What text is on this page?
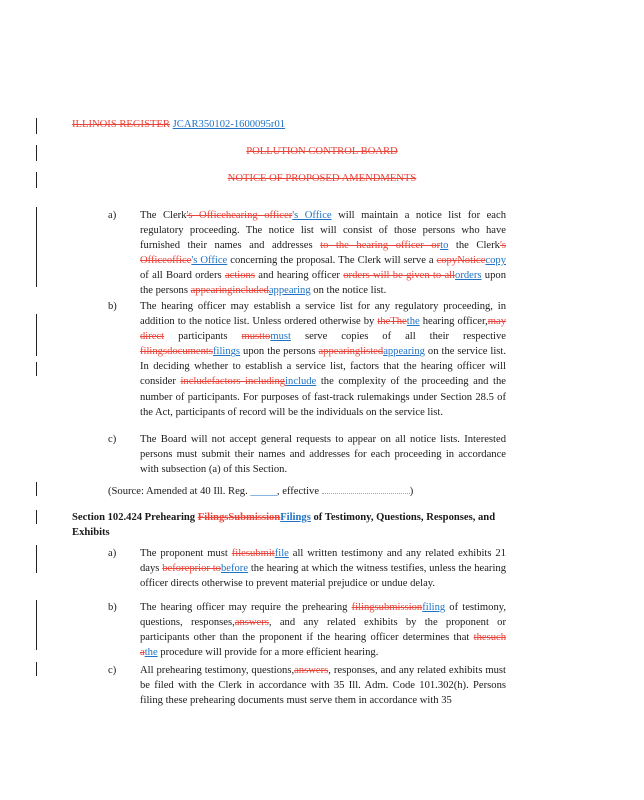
ILLINOIS REGISTER JCAR350102-1600095r01
POLLUTION CONTROL BOARD
NOTICE OF PROPOSED AMENDMENTS
a) The Clerk's Officehearing officer's Office will maintain a notice list for each regulatory proceeding. The notice list will consist of those persons who have furnished their names and addresses to the hearing officer orto the Clerk's Officeoffice's Office concerning the proposal. The Clerk will serve a copyNoticecopy of all Board orders actions and hearing officer orders will be given to allorders upon the persons appearingincludedappearing on the notice list.
b) The hearing officer may establish a service list for any regulatory proceeding, in addition to the notice list. Unless ordered otherwise by theThethe hearing officer,may direct participants musttomust serve copies of all their respective filingsdocumentsfilings upon the persons appearinglistedappearing on the service list. In deciding whether to establish a service list, factors that the hearing officer will consider includefactors includinginclude the complexity of the proceeding and the number of participants. For purposes of fast-track rulemakings under Section 28.5 of the Act, participants of record will be the individuals on the service list.
c) The Board will not accept general requests to appear on all notice lists. Interested persons must submit their names and addresses for each proceeding in accordance with subsection (a) of this Section.
(Source: Amended at 40 Ill. Reg. _____, effective	)
Section 102.424 Prehearing FilingsSubmissionFilings of Testimony, Questions, Responses, and Exhibits
a) The proponent must filesubmitfile all written testimony and any related exhibits 21 days beforeprior tobefore the hearing at which the witness testifies, unless the hearing officer directs otherwise to prevent material prejudice or undue delay.
b) The hearing officer may require the prehearing filingsubmissionfiling of testimony, questions, responses,answers, and any related exhibits by the proponent or participants other than the proponent if the hearing officer determines that thesuch athe procedure will provide for a more efficient hearing.
c) All prehearing testimony, questions,answers, responses, and any related exhibits must be filed with the Clerk in accordance with 35 Ill. Adm. Code 101.302(h). Persons filing these prehearing documents must serve them in accordance with 35
